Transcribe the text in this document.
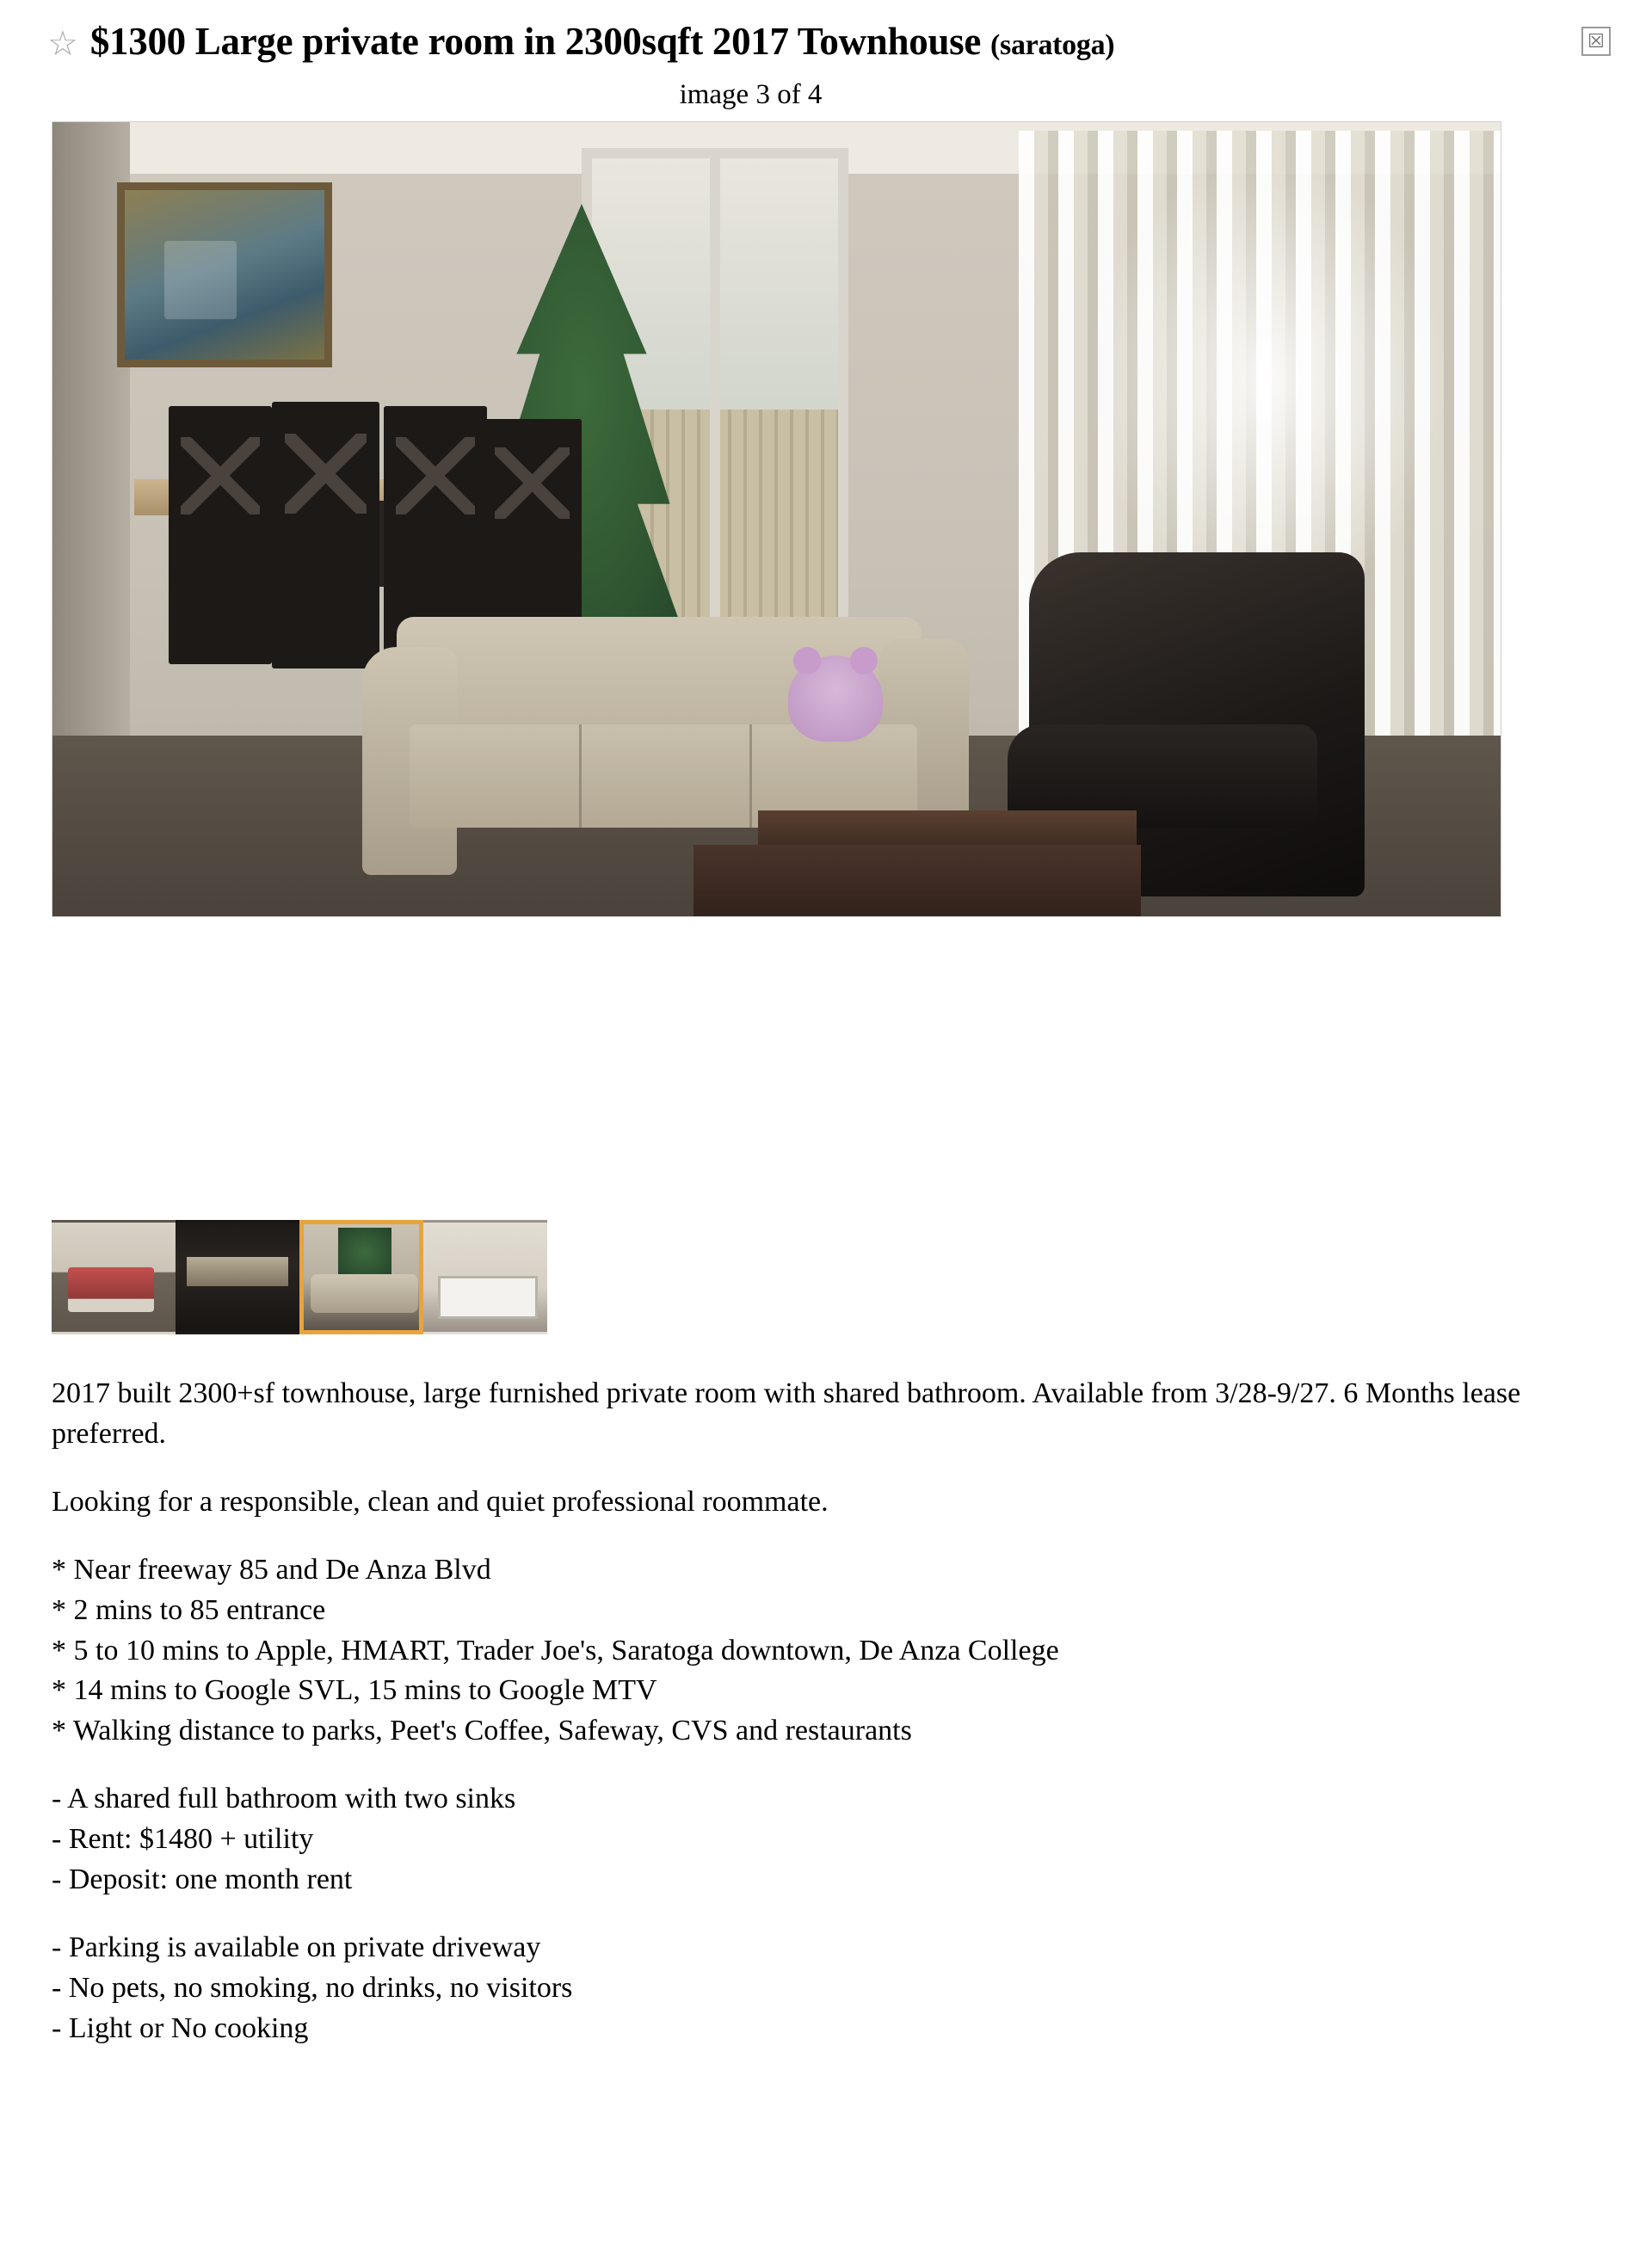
☆ $1300 Large private room in 2300sqft 2017 Townhouse (saratoga)	☒
image 3 of 4

2017 built 2300+sf townhouse, large furnished private room with shared bathroom. Available from 3/28-9/27. 6 Months lease preferred.

Looking for a responsible, clean and quiet professional roommate.

* Near freeway 85 and De Anza Blvd
* 2 mins to 85 entrance
* 5 to 10 mins to Apple, HMART, Trader Joe's, Saratoga downtown, De Anza College
* 14 mins to Google SVL, 15 mins to Google MTV
* Walking distance to parks, Peet's Coffee, Safeway, CVS and restaurants
- A shared full bathroom with two sinks
- Rent: $1480 + utility
- Deposit: one month rent
- Parking is available on private driveway
- No pets, no smoking, no drinks, no visitors
- Light or No cooking
